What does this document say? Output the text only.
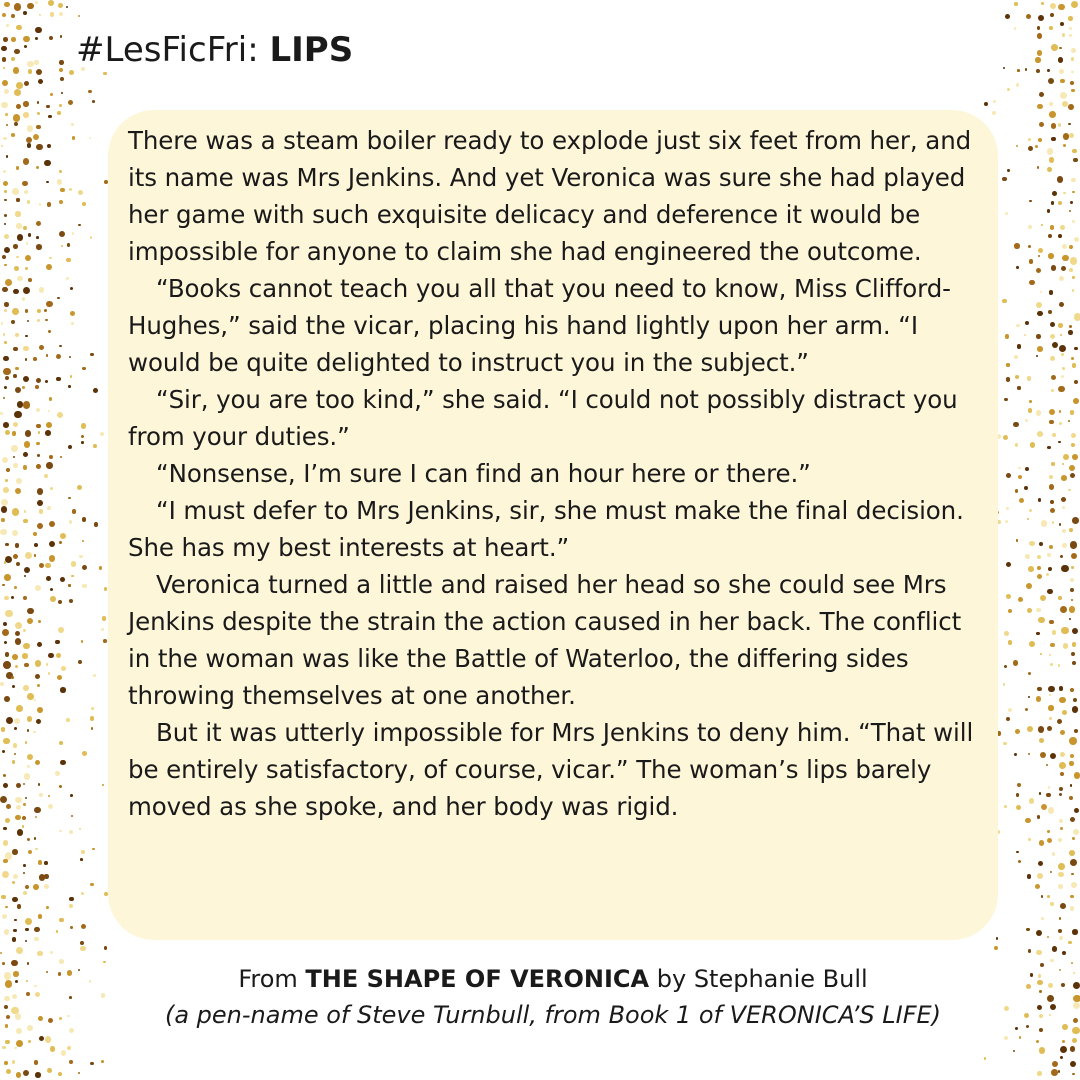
#LesFicFri: LIPS

There was a steam boiler ready to explode just six feet from her, and its name was Mrs Jenkins. And yet Veronica was sure she had played her game with such exquisite delicacy and deference it would be impossible for anyone to claim she had engineered the outcome.

“Books cannot teach you all that you need to know, Miss Clifford-Hughes,” said the vicar, placing his hand lightly upon her arm. “I would be quite delighted to instruct you in the subject.”

“Sir, you are too kind,” she said. “I could not possibly distract you from your duties.”

“Nonsense, I’m sure I can find an hour here or there.”

“I must defer to Mrs Jenkins, sir, she must make the final decision. She has my best interests at heart.”

Veronica turned a little and raised her head so she could see Mrs Jenkins despite the strain the action caused in her back. The conflict in the woman was like the Battle of Waterloo, the differing sides throwing themselves at one another.

But it was utterly impossible for Mrs Jenkins to deny him. “That will be entirely satisfactory, of course, vicar.” The woman’s lips barely moved as she spoke, and her body was rigid.

From THE SHAPE OF VERONICA by Stephanie Bull
(a pen-name of Steve Turnbull, from Book 1 of VERONICA’S LIFE)
